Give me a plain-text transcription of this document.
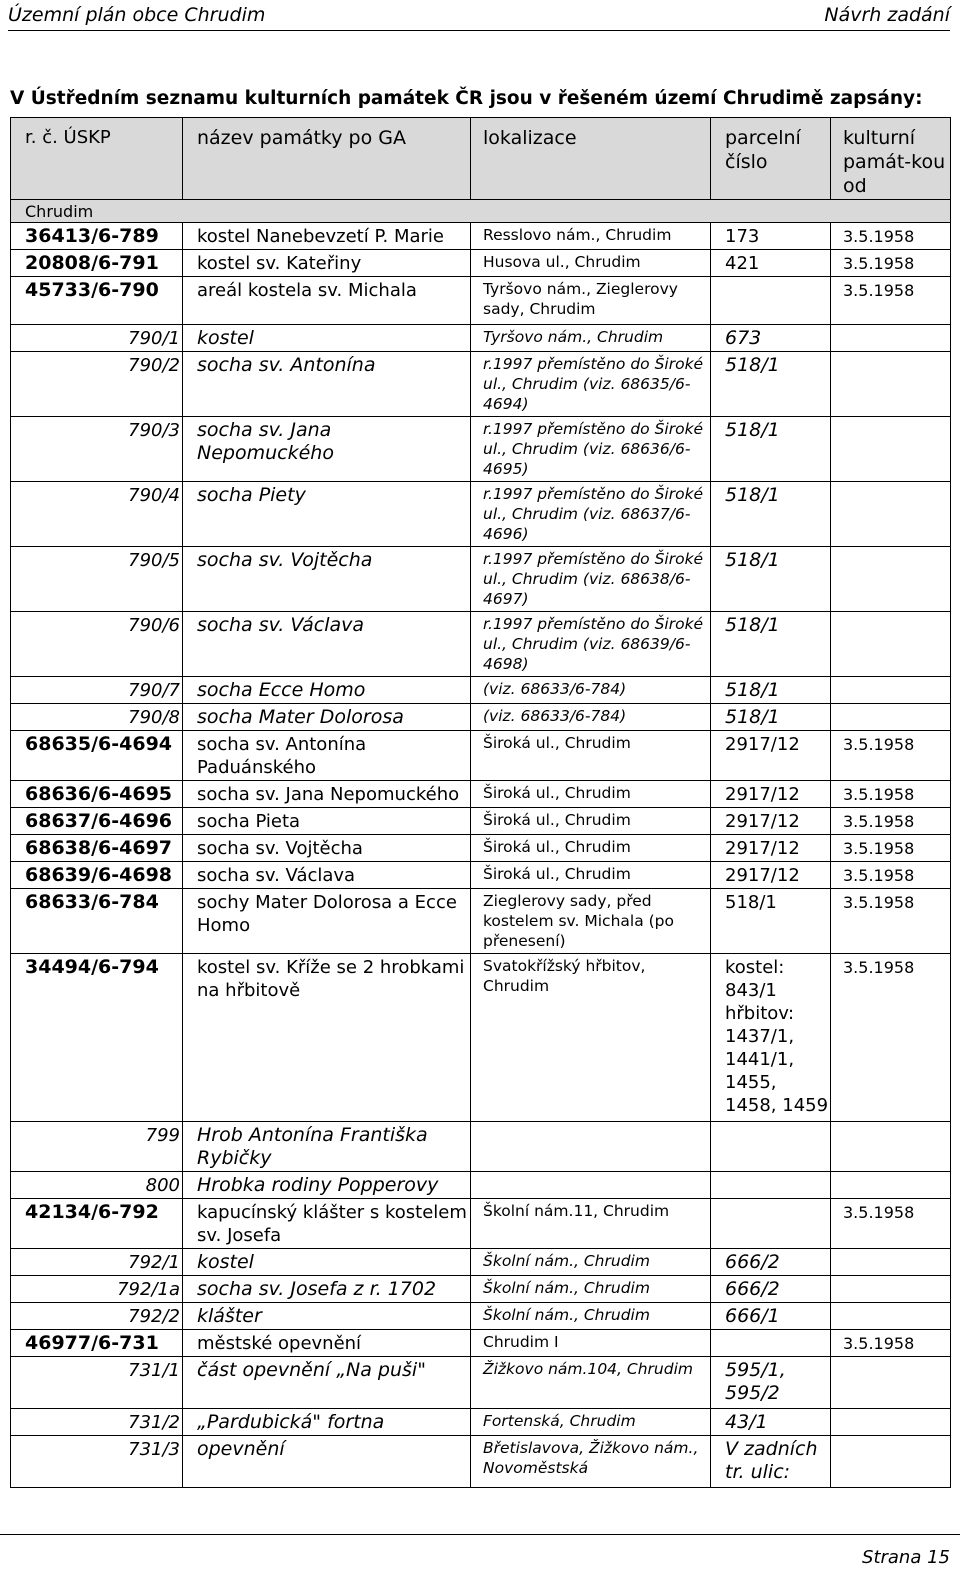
Územní plán obce Chrudim	Návrh zadání
V Ústředním seznamu kulturních památek ČR jsou v řešeném území Chrudimě zapsány:
r. č. ÚSKP	název památky po GA	lokalizace	parcelní číslo	kulturní památ-kou od
Chrudim				
36413/6-789	kostel Nanebevzetí P. Marie	Resslovo nám., Chrudim	173	3.5.1958
20808/6-791	kostel sv. Kateřiny	Husova ul., Chrudim	421	3.5.1958
45733/6-790	areál kostela sv. Michala	Tyršovo nám., Zieglerovy sady, Chrudim		3.5.1958
790/1	kostel	Tyršovo nám., Chrudim	673	
790/2	socha sv. Antonína	r.1997 přemístěno do Široké ul., Chrudim (viz. 68635/6-4694)	518/1	
790/3	socha sv. Jana Nepomuckého	r.1997 přemístěno do Široké ul., Chrudim (viz. 68636/6-4695)	518/1	
790/4	socha Piety	r.1997 přemístěno do Široké ul., Chrudim (viz. 68637/6-4696)	518/1	
790/5	socha sv. Vojtěcha	r.1997 přemístěno do Široké ul., Chrudim (viz. 68638/6-4697)	518/1	
790/6	socha sv. Václava	r.1997 přemístěno do Široké ul., Chrudim (viz. 68639/6-4698)	518/1	
790/7	socha Ecce Homo	(viz. 68633/6-784)	518/1	
790/8	socha Mater Dolorosa	(viz. 68633/6-784)	518/1	
68635/6-4694	socha sv. Antonína Paduánského	Široká ul., Chrudim	2917/12	3.5.1958
68636/6-4695	socha sv. Jana Nepomuckého	Široká ul., Chrudim	2917/12	3.5.1958
68637/6-4696	socha Pieta	Široká ul., Chrudim	2917/12	3.5.1958
68638/6-4697	socha sv. Vojtěcha	Široká ul., Chrudim	2917/12	3.5.1958
68639/6-4698	socha sv. Václava	Široká ul., Chrudim	2917/12	3.5.1958
68633/6-784	sochy Mater Dolorosa a Ecce Homo	Zieglerovy sady, před kostelem sv. Michala (po přenesení)	518/1	3.5.1958
34494/6-794	kostel sv. Kříže se 2 hrobkami na hřbitově	Svatokřížský hřbitov, Chrudim	kostel: 843/1 hřbitov: 1437/1, 1441/1, 1455, 1458, 1459	3.5.1958
799	Hrob Antonína Františka Rybičky			
800	Hrobka rodiny Popperovy			
42134/6-792	kapucínský klášter s kostelem sv. Josefa	Školní nám.11, Chrudim		3.5.1958
792/1	kostel	Školní nám., Chrudim	666/2	
792/1a	socha sv. Josefa z r. 1702	Školní nám., Chrudim	666/2	
792/2	klášter	Školní nám., Chrudim	666/1	
46977/6-731	městské opevnění	Chrudim I		3.5.1958
731/1	část opevnění „Na puši"	Žižkovo nám.104, Chrudim	595/1, 595/2	
731/2	„Pardubická" fortna	Fortenská, Chrudim	43/1	
731/3	opevnění	Břetislavova, Žižkovo nám., Novoměstská	V zadních tr. ulic:	
Strana 15
